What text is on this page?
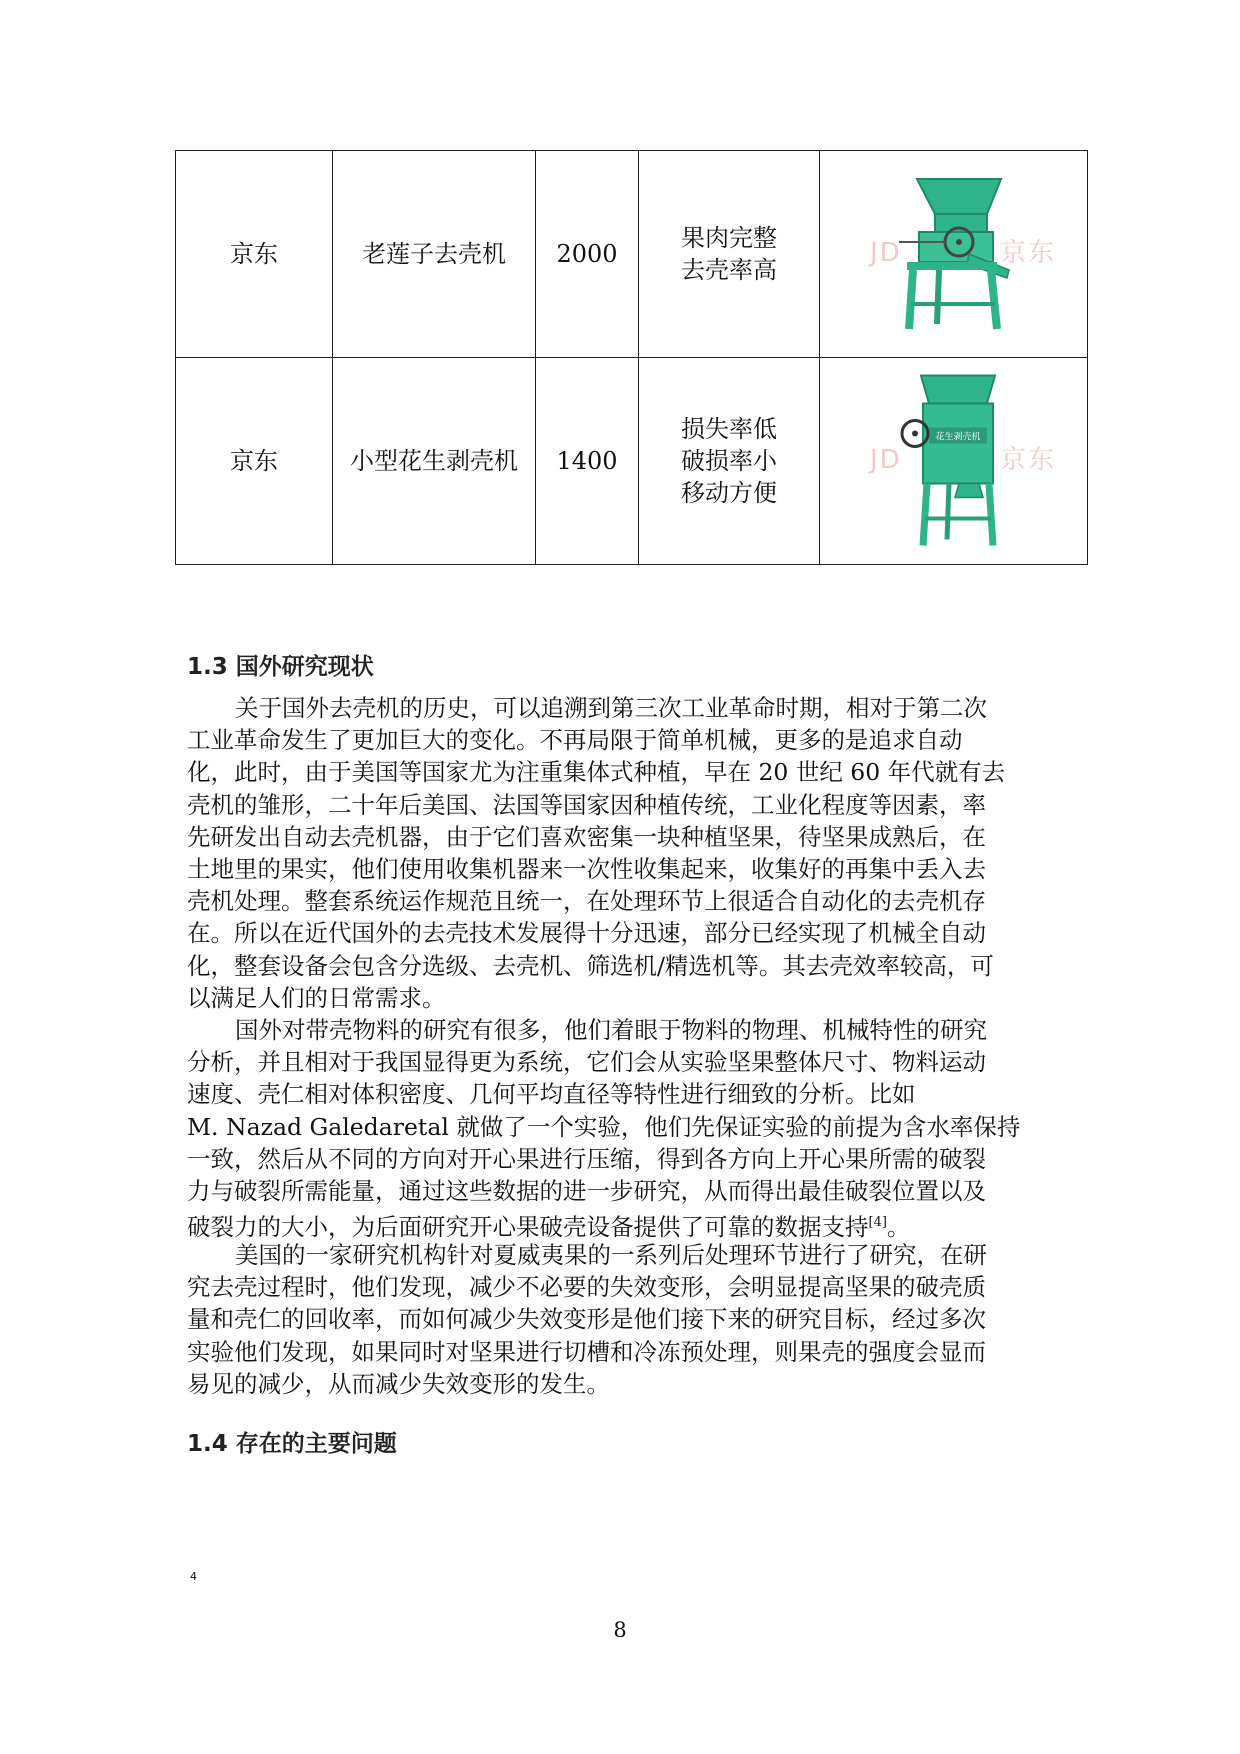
京东	老莲子去壳机	2000	果肉完整
去壳率高	JD 京东

京东	小型花生剥壳机	1400	损失率低
破损率小
移动方便	JD 京东
花生剥壳机
1.3 国外研究现状
关于国外去壳机的历史，可以追溯到第三次工业革命时期，相对于第二次
工业革命发生了更加巨大的变化。不再局限于简单机械，更多的是追求自动
化，此时，由于美国等国家尤为注重集体式种植，早在 20 世纪 60 年代就有去
壳机的雏形，二十年后美国、法国等国家因种植传统，工业化程度等因素，率
先研发出自动去壳机器，由于它们喜欢密集一块种植坚果，待坚果成熟后，在
土地里的果实，他们使用收集机器来一次性收集起来，收集好的再集中丢入去
壳机处理。整套系统运作规范且统一，在处理环节上很适合自动化的去壳机存
在。所以在近代国外的去壳技术发展得十分迅速，部分已经实现了机械全自动
化，整套设备会包含分选级、去壳机、筛选机/精选机等。其去壳效率较高，可
以满足人们的日常需求。
国外对带壳物料的研究有很多，他们着眼于物料的物理、机械特性的研究
分析，并且相对于我国显得更为系统，它们会从实验坚果整体尺寸、物料运动
速度、壳仁相对体积密度、几何平均直径等特性进行细致的分析。比如
M. Nazad Galedaretal 就做了一个实验，他们先保证实验的前提为含水率保持
一致，然后从不同的方向对开心果进行压缩，得到各方向上开心果所需的破裂
力与破裂所需能量，通过这些数据的进一步研究，从而得出最佳破裂位置以及
破裂力的大小，为后面研究开心果破壳设备提供了可靠的数据支持[4]。
美国的一家研究机构针对夏威夷果的一系列后处理环节进行了研究，在研
究去壳过程时，他们发现，减少不必要的失效变形，会明显提高坚果的破壳质
量和壳仁的回收率，而如何减少失效变形是他们接下来的研究目标，经过多次
实验他们发现，如果同时对坚果进行切槽和冷冻预处理，则果壳的强度会显而
易见的减少，从而减少失效变形的发生。
1.4 存在的主要问题
4
8
